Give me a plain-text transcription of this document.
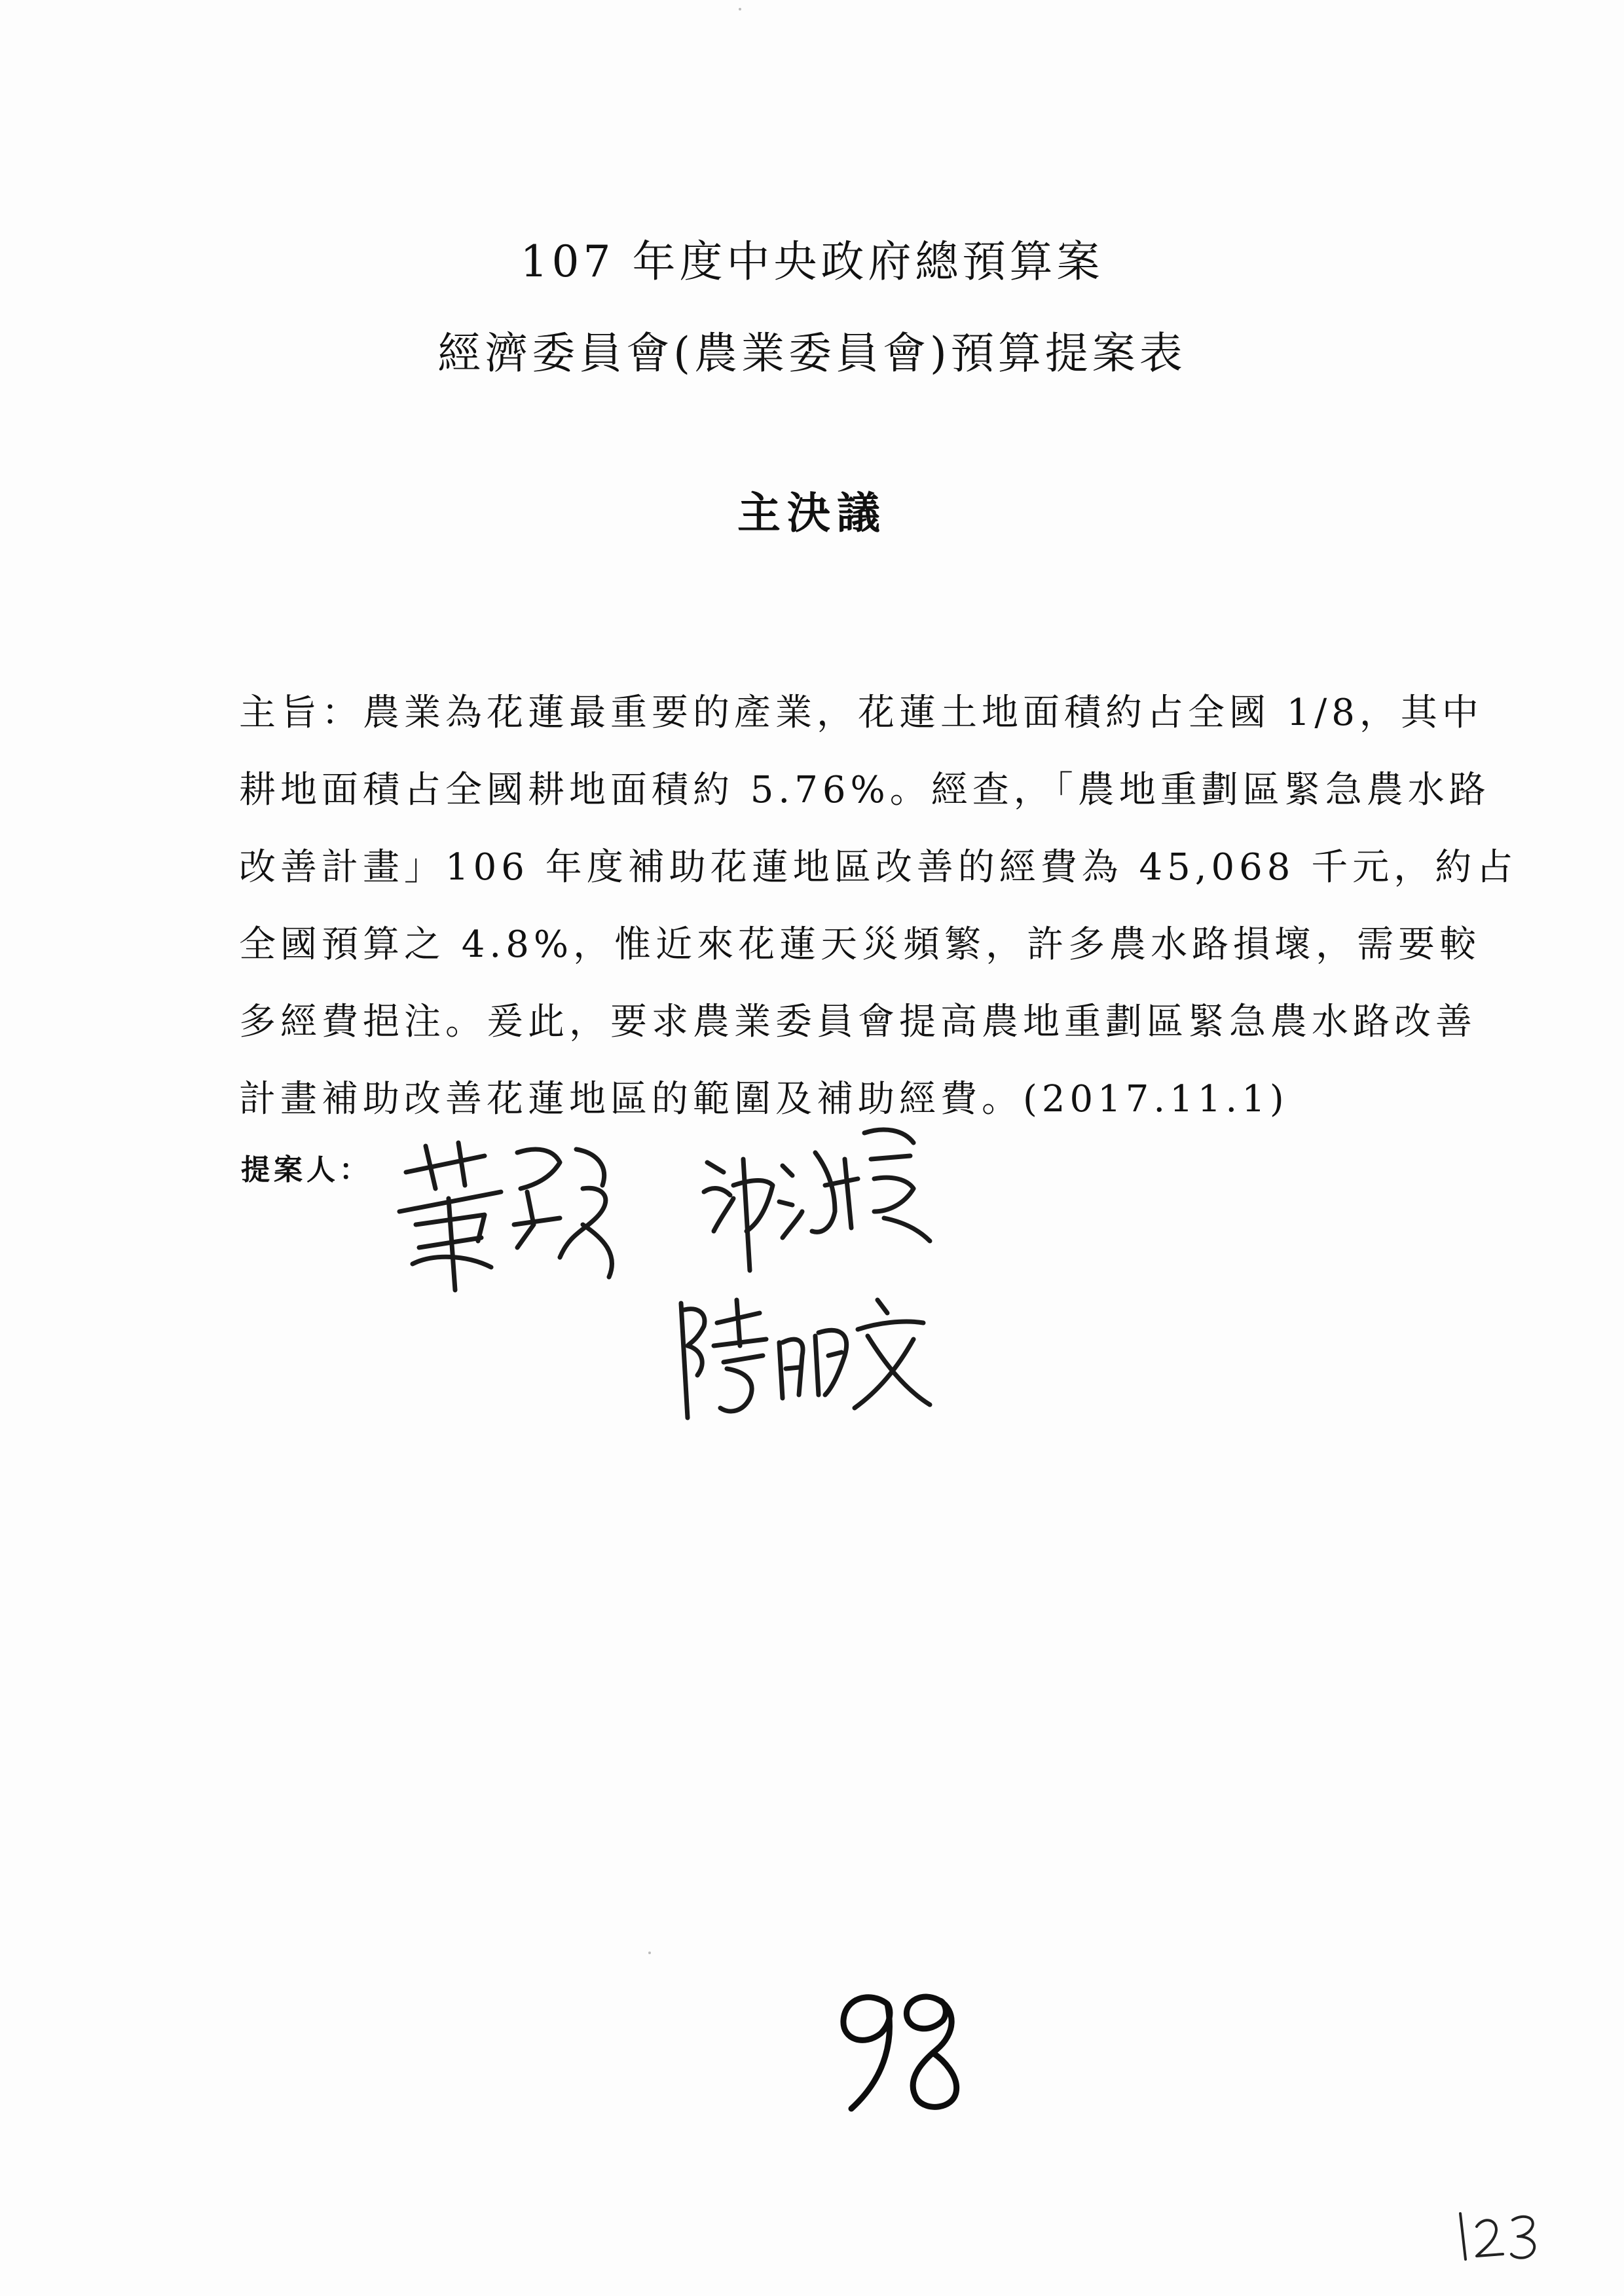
107 年度中央政府總預算案
經濟委員會(農業委員會)預算提案表
主決議
主旨：農業為花蓮最重要的產業，花蓮土地面積約占全國 1/8，其中
耕地面積占全國耕地面積約 5.76%。經查，「農地重劃區緊急農水路
改善計畫」106 年度補助花蓮地區改善的經費為 45,068 千元，約占
全國預算之 4.8%，惟近來花蓮天災頻繁，許多農水路損壞，需要較
多經費挹注。爰此，要求農業委員會提高農地重劃區緊急農水路改善
計畫補助改善花蓮地區的範圍及補助經費。(2017.11.1)
提案人：
